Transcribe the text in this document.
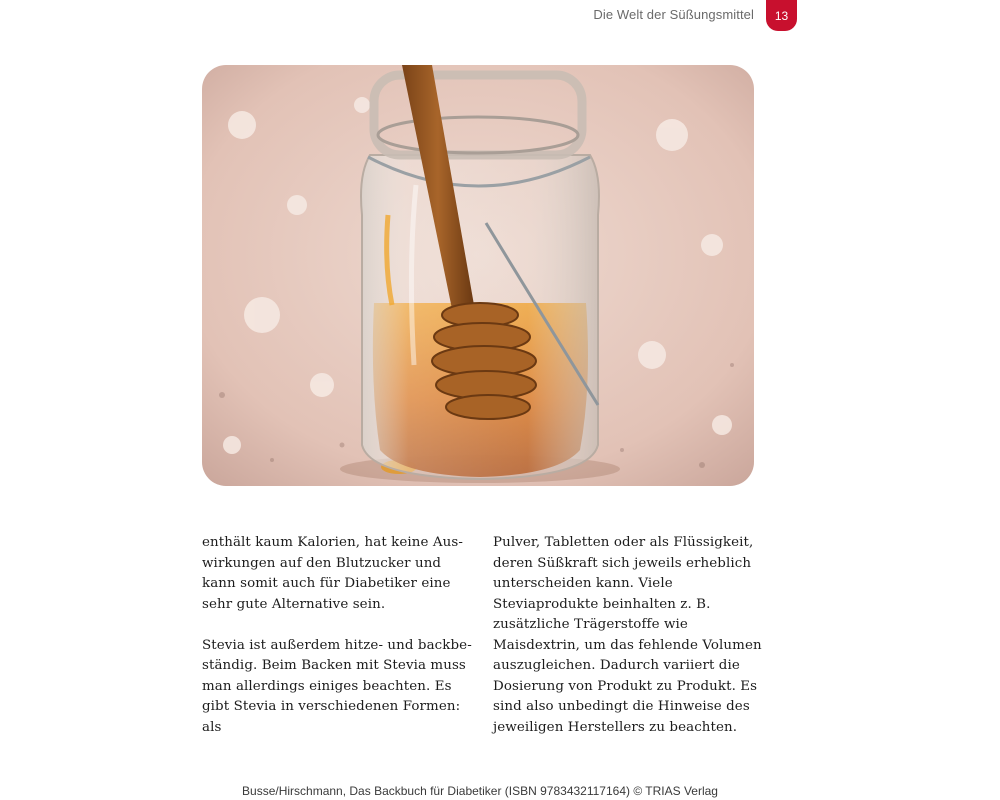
Die Welt der Süßungsmittel	13

enthält kaum Kalorien, hat keine Auswirkungen auf den Blutzucker und kann somit auch für Diabetiker eine sehr gute Alternative sein.

Stevia ist außerdem hitze- und backbeständig. Beim Backen mit Stevia muss man allerdings einiges beachten. Es gibt Stevia in verschiedenen Formen: als

Pulver, Tabletten oder als Flüssigkeit, deren Süßkraft sich jeweils erheblich unterscheiden kann. Viele Steviaprodukte beinhalten z. B. zusätzliche Trägerstoffe wie Maisdextrin, um das fehlende Volumen auszugleichen. Dadurch variiert die Dosierung von Produkt zu Produkt. Es sind also unbedingt die Hinweise des jeweiligen Herstellers zu beachten.

Busse/Hirschmann, Das Backbuch für Diabetiker (ISBN 9783432117164) © TRIAS Verlag
